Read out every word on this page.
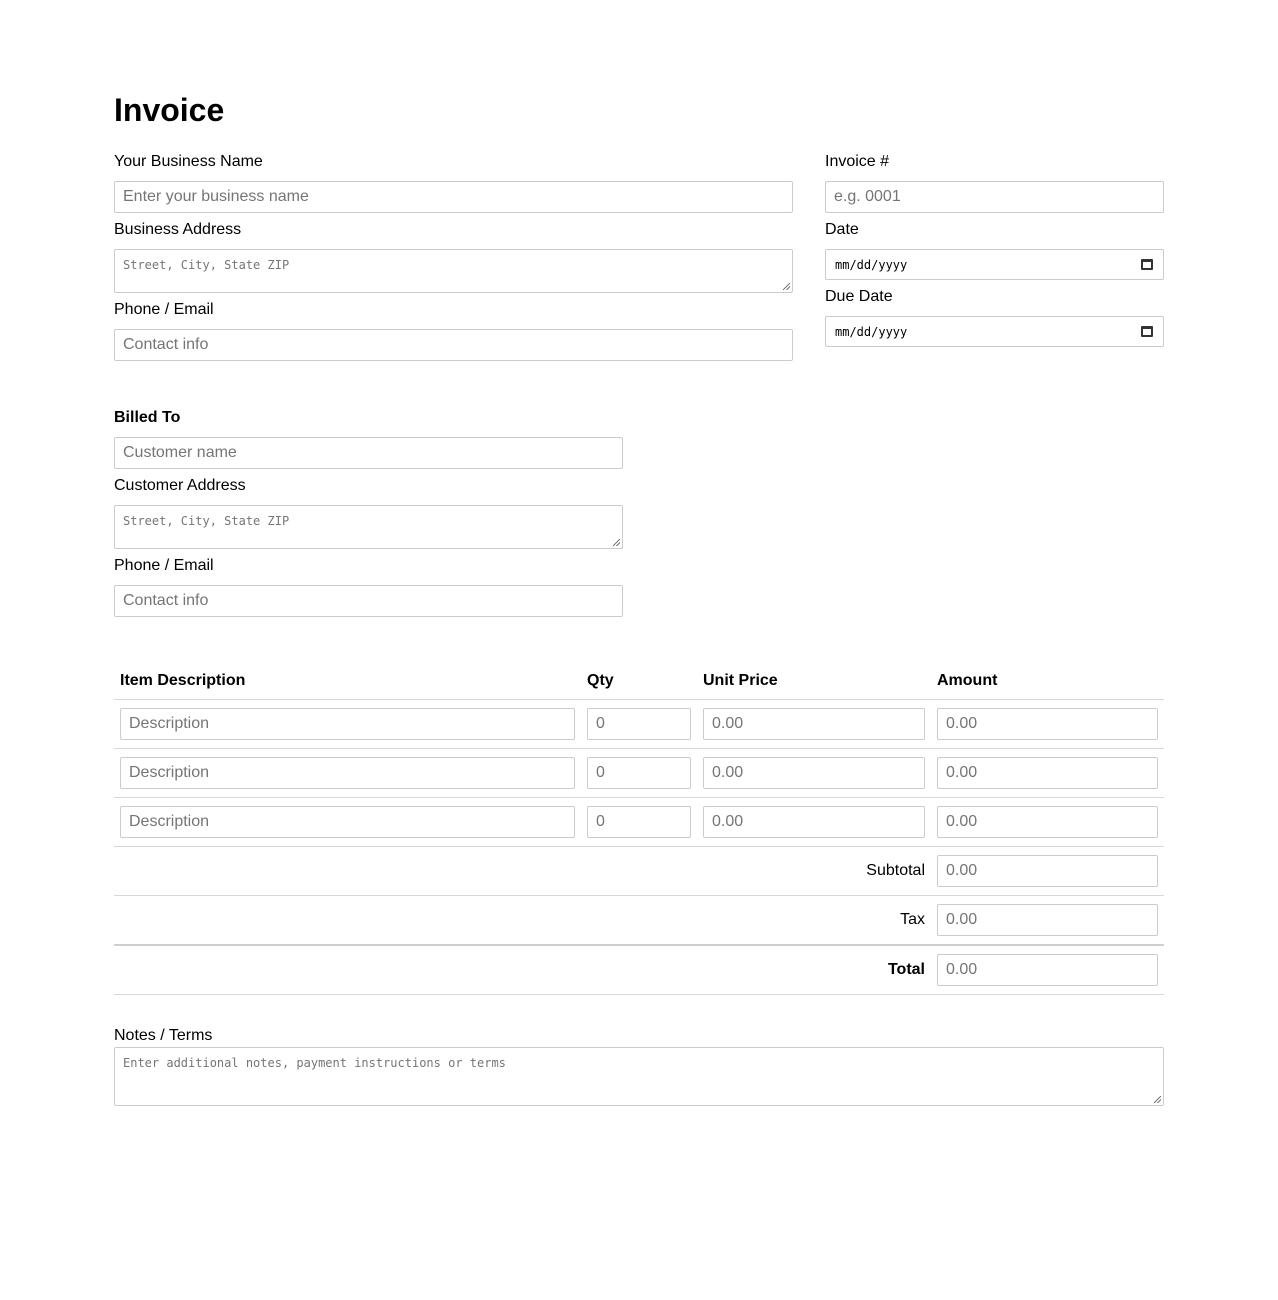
Invoice
Your Business Name
Enter your business name
Business Address
Street, City, State ZIP
Phone / Email
Contact info
Invoice #
e.g. 0001
Date
mm/dd/yyyy
Due Date
mm/dd/yyyy
Billed To
Customer name
Customer Address
Street, City, State ZIP
Phone / Email
Contact info
Item Description	Qty	Unit Price	Amount
Description	0	0.00	0.00
Description	0	0.00	0.00
Description	0	0.00	0.00
Subtotal 0.00
Tax 0.00
Total 0.00
Notes / Terms
Enter additional notes, payment instructions or terms
